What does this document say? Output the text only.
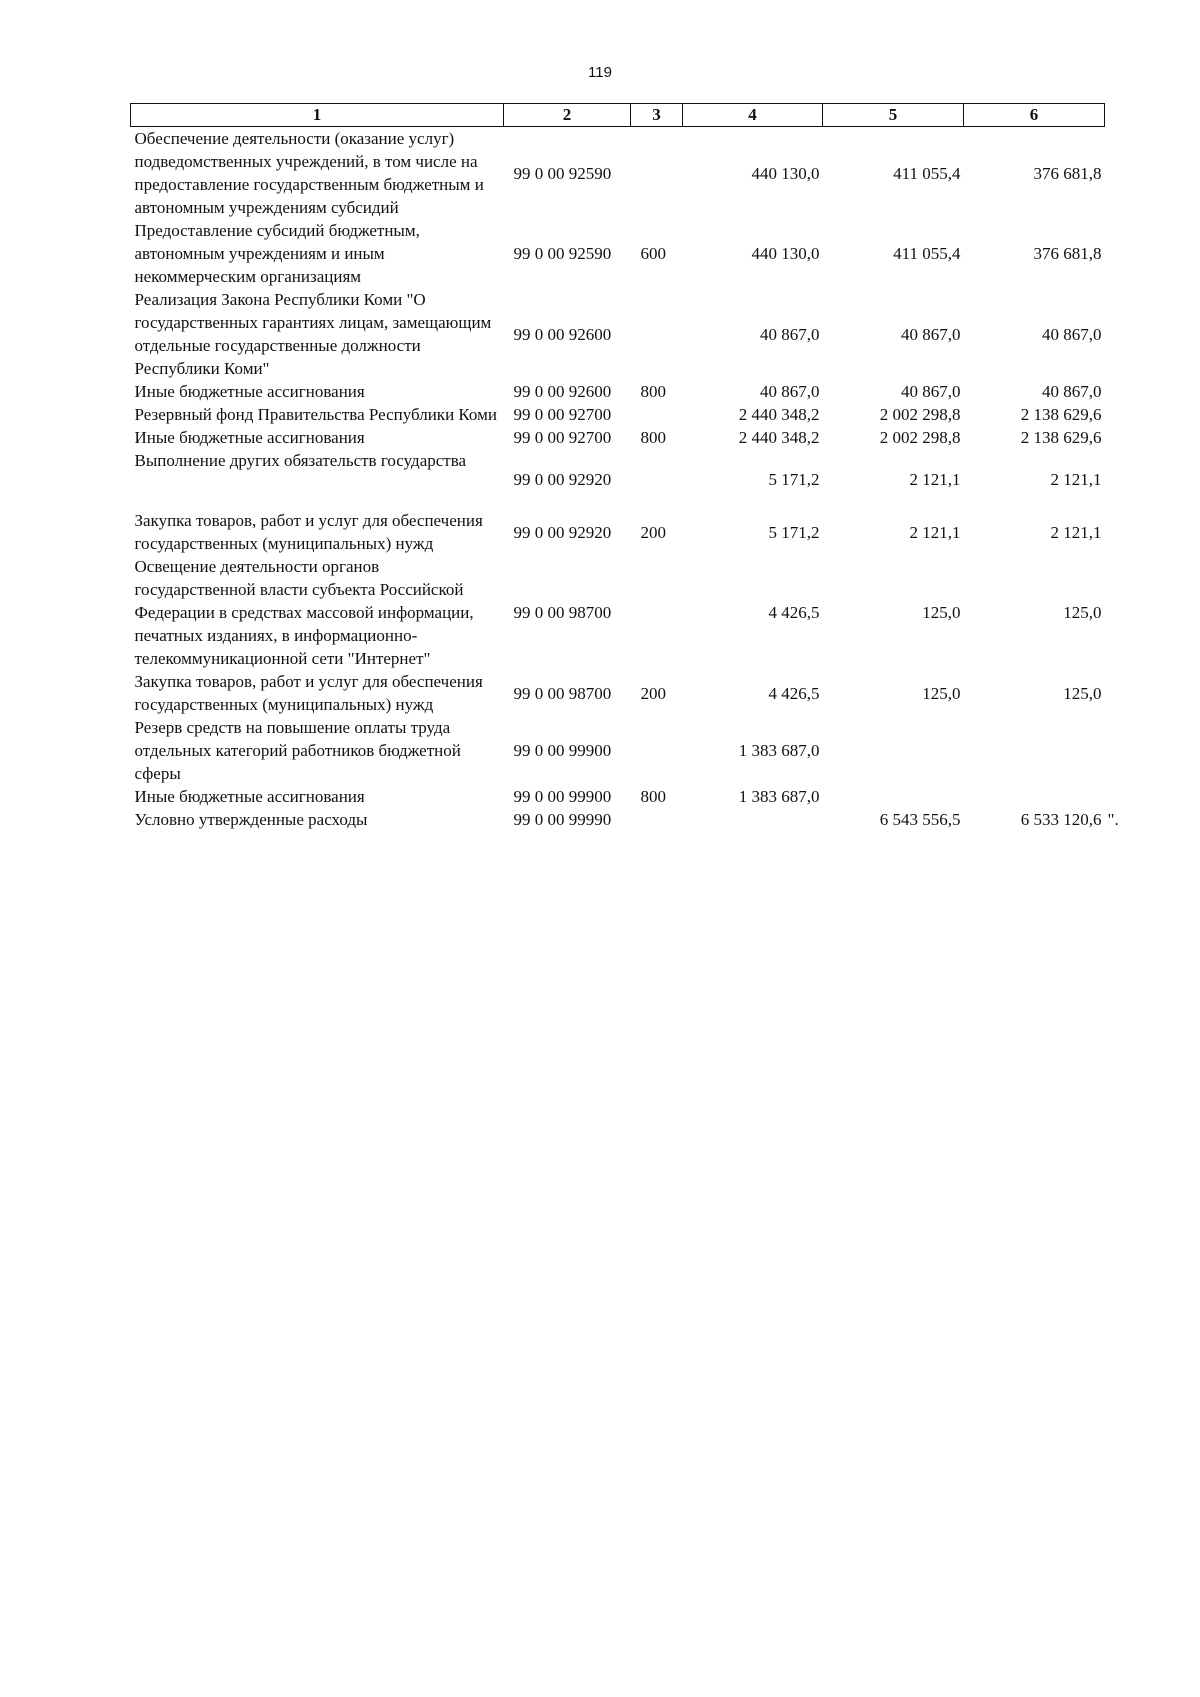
119
1	2	3	4	5	6
Обеспечение деятельности (оказание услуг) подведомственных учреждений, в том числе на предоставление государственным бюджетным и автономным учреждениям субсидий	99 0 00 92590		440 130,0	411 055,4	376 681,8
Предоставление субсидий бюджетным, автономным учреждениям и иным некоммерческим организациям	99 0 00 92590	600	440 130,0	411 055,4	376 681,8
Реализация Закона Республики Коми "О государственных гарантиях лицам, замещающим отдельные государственные должности Республики Коми"	99 0 00 92600		40 867,0	40 867,0	40 867,0
Иные бюджетные ассигнования	99 0 00 92600	800	40 867,0	40 867,0	40 867,0
Резервный фонд Правительства Республики Коми	99 0 00 92700		2 440 348,2	2 002 298,8	2 138 629,6
Иные бюджетные ассигнования	99 0 00 92700	800	2 440 348,2	2 002 298,8	2 138 629,6
Выполнение других обязательств государства	99 0 00 92920		5 171,2	2 121,1	2 121,1
Закупка товаров, работ и услуг для обеспечения государственных (муниципальных) нужд	99 0 00 92920	200	5 171,2	2 121,1	2 121,1
Освещение деятельности органов государственной власти субъекта Российской Федерации в средствах массовой информации, печатных изданиях, в информационно-телекоммуникационной сети "Интернет"	99 0 00 98700		4 426,5	125,0	125,0
Закупка товаров, работ и услуг для обеспечения государственных (муниципальных) нужд	99 0 00 98700	200	4 426,5	125,0	125,0
Резерв средств на повышение оплаты труда отдельных категорий работников бюджетной сферы	99 0 00 99900		1 383 687,0		
Иные бюджетные ассигнования	99 0 00 99900	800	1 383 687,0		
Условно утвержденные расходы	99 0 00 99990			6 543 556,5	6 533 120,6 ".
